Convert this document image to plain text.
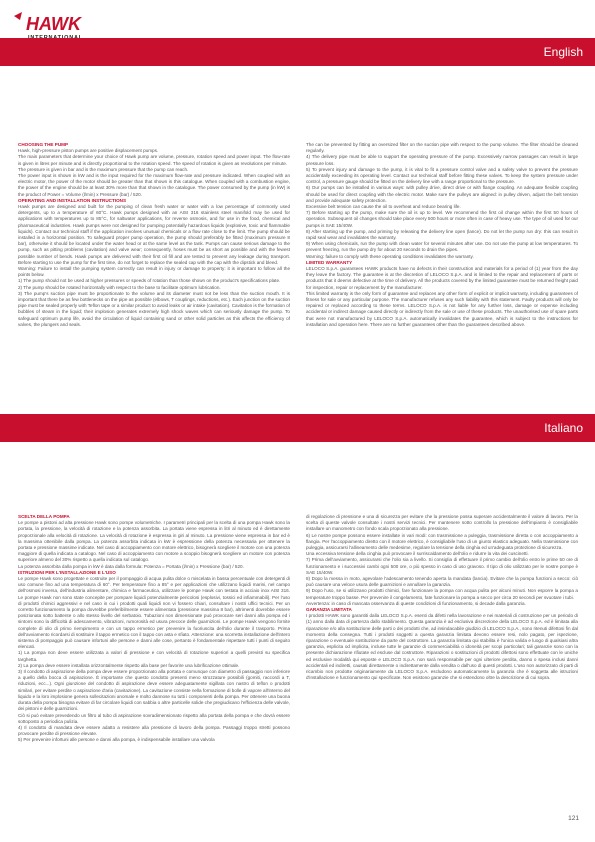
HAWK
English

CHOOSING THE PUMP

Hawk, high-pressure piston pumps are positive displacement pumps.

The main parameters that determine your choice of Hawk pump are volume, pressure, rotation speed and power input. The flow-rate is given in litres per minute and is directly proportional to the rotation speed. The speed of rotation is given as revolutions per minute.

The pressure is given in bar and is the maximum pressure that the pump can reach.

The power input is shown in kW and is the input required for the maximum flow-rate and pressure indicated. When coupled with an electric motor, the power of the motor should be greater than that shown in this catalogue. When coupled with a combustion engine, the power of the engine should be at least 30% more than that shown in the catalogue. The power consumed by the pump (in kW) is the product of Power = Volume (l/min) x Pressure (bar) / 520.

OPERATING AND INSTALLATION INSTRUCTIONS

Hawk pumps are designed and built for the pumping of clean fresh water or water with a low percentage of commonly used detergents, up to a temperature of 60°C. Hawk pumps designed with an AISI 316 stainless steel manifold may be used for applications with temperatures up to 85°C, for saltwater applications, for reverse osmosis, and for use in the food, chemical and pharmaceutical industries. Hawk pumps were not designed for pumping potentially hazardous liquids (explosive, toxic and flammable liquids). Contact our technical staff if the application involves unusual chemicals or a flow rate close to the limit. The pump should be installed in a horizontal position. To safeguard proper pump operation, the pump should preferably be fitted (maximum pressure 8 bar), otherwise it should be located under the water head or at the same level as the tank. Pumps can cause serious damage to the pump, such as pitting problems (cavitation) and valve wear; consequently, hoses must be as short as possible and with the fewest possible number of bends. Hawk pumps are delivered with their first oil fill and are tested to prevent any leakage during transport. Before starting to use the pump for the first time, do not forget to replace the sealed cap with the cap with the dipstick and bleed.

Warning: Failure to install the pumping system correctly can result in injury or damage to property: it is important to follow all the points below.

1) The pump should not be used at higher pressures or speeds of rotation than those shown on the product's specifications plate.

2) The pump should be rotated horizontally with respect to the base to facilitate optimum lubrication.

3) The pump's suction pipe must be proportionate to the volume and its diameter must not be less than the suction mouth. It is important that there be as few bottlenecks on the pipe as possible (elbows, T couplings, reductions, etc.). Each junction on the suction pipe must be sealed properly with Teflon tape or a similar product to avoid leaks or air intake (cavitation). Cavitation is the formation of bubbles of steam in the liquid; their implosion generates extremely high shock waves which can seriously damage the pump. To safeguard optimum pump life, avoid the circulation of liquid containing sand or other solid particles as this affects the efficiency of valves, the plungers and seals.

The can be prevented by fitting an oversized filter on the suction pipe with respect to the pump volume. The filter should be cleaned regularly.

4) The delivery pipe must be able to support the operating pressure of the pump. Excessively narrow passages can result in large pressure loss.

5) To prevent injury and damage to the pump, it is vital to fit a pressure control valve and a safety valve to prevent the pressure accidentally exceeding its operating level. Contact our technical staff before fitting these valves. To keep the system pressure under control, a pressure gauge should be fitted on the delivery line with a range proportional to the pressure.

6) Our pumps can be installed in various ways: with pulley drive, direct drive or with flange coupling. An adequate flexible coupling should be used for direct coupling with the electric motor. Make sure the pulleys are aligned: in pulley driven, adjust the belt tension and provide adequate safety protection.

Excessive belt tension can cause the oil to overheat and reduce bearing life.

7) Before starting up the pump, make sure the oil is up to level. We recommend the first oil change within the first 50 hours of operation. Subsequent oil changes should take place every 500 hours or more often in case of heavy use. The type of oil used for our pumps is SAE 15/40W.

8) After starting up the pump, and priming by releasing the delivery line open (lance). Do not let the pump run dry: this can result in rapid seal wear and invalidates the warranty.

9) When using chemicals, run the pump with clean water for several minutes after use. Do not use the pump at low temperatures. To prevent freezing, run the pump dry for about 20 seconds to drain the pipes.

Warning: failure to comply with these operating conditions invalidates the warranty.

LIMITED WARRANTY

LELOCO S.p.A. guarantees HAWK products have no defects in their construction and materials for a period of (1) year from the day they leave the factory. The guarantee is at the discretion of LELOCO S.p.A. and is limited to the repair and replacement of parts or products that it deems defective at the time of delivery. All the products covered by the limited guarantee must be returned freight paid for inspection, repair or replacement by the manufacturer.

This limited warranty is the only form of guarantee and replaces any other form of explicit or implicit warranty, including guarantees of fitness for sale or any particular purpose. The manufacturer refuses any such liability with this statement. Faulty products will only be repaired or replaced according to these terms. LELOCO S.p.A. is not liable for any further loss, damage or expense including accidental or indirect damage caused directly or indirectly from the sale or use of these products. The unauthorised use of spare parts that were not manufactured by LELOCO S.p.A. automatically invalidates the guarantee, which is subject to the instructions for installation and operation here. There are no further guarantees other than the guarantees described above.

Italiano

SCELTA DELLA POMPA

Le pompe a pistoni ad alta pressione Hawk sono pompe volumetriche. I parametri principali per la scelta di una pompa Hawk sono la portata, la pressione, la velocità di rotazione e la potenza assorbita. La portata viene espressa in litri al minuto ed è direttamente proporzionale alla velocità di rotazione. La velocità di rotazione è espressa in giri al minuto. La pressione viene espressa in bar ed è la massima ottenibile dalla pompa. La potenza assorbita indicata in kW è espressione della potenza necessaria per ottenere la portata e pressione massime indicate. Nel caso di accoppiamento con motore elettrico, bisognerà scegliere il motore con una potenza maggiore di quella indicata a catalogo. Nel caso di accoppiamento con motore a scoppio bisognerà scegliere un motore con potenza superiore almeno del 30% rispetto a quella indicata sul catalogo.

La potenza assorbita dalla pompa in kW è data dalla formula: Potenza = Portata (l/min) x Pressione (bar) / 520.

ISTRUZIONI PER L'INSTALLAZIONE E L'USO

Le pompe Hawk sono progettate e costruite per il pompaggio di acqua pulita dolce o miscelata in bassa percentuale con detergenti di uso comune fino ad una temperatura di 60°. Per temperature fino a 85° e per applicazioni che utilizzano liquidi marini, nel campo dell'osmosi inversa, dell'industria alimentare, chimica e farmaceutica, utilizzare le pompe Hawk con testata in acciaio inox AISI 316. Le pompe Hawk non sono state concepite per pompare liquidi potenzialmente pericolosi (esplosivi, tossici ed infiammabili). Per l'uso di prodotti chimici aggressivi e nel caso in cui i prodotti quali liquidi non vi fossero chiari, consultare i nostri uffici tecnici. Per un corretto funzionamento la pompa dovrebbe preferibilmente essere alimentata (pressione massima 8 bar), altrimenti dovrebbe essere posizionata sotto battente o allo stesso livello del serbatoio. Tubazioni non dimensionate può provocare seri danni alla pompa ed i sintomi sono la difficoltà di adescamento, vibrazioni, rumorosità ed usura precoce delle guarnizioni. Le pompe Hawk vengono fornite complete di olio di primo riempimento e con un tappo ermetico per prevenire la fuoriuscita dell'olio durante il trasporto. Prima dell'avviamento ricordarsi di sostituire il tappo ermetico con il tappo con asta e sfiato. Attenzione: una scorretta installazione dell'intero sistema di pompaggio può causare infortuni alle persone e danni alle cose, pertanto è fondamentale rispettare tutti i punti di seguito elencati.

1) La pompa non deve essere utilizzata a valori di pressione e con velocità di rotazione superiori a quelli previsti su specifica targhetta.

2) La pompa deve essere installata orizzontalmente rispetto alla base per favorire una lubrificazione ottimale.

3) Il condotto di aspirazione della pompa deve essere proporzionato alla portata e comunque con diametro di passaggio non inferiore a quello della bocca di aspirazione. È importante che questo condotto presenti meno strozzature possibili (gomiti, raccordi a T, riduzioni, ecc...). Ogni giunzione del condotto di aspirazione deve essere adeguatamente sigillata con nastro di teflon o prodotti similari, per evitare perdite o aspirazione d'aria (cavitazione). La cavitazione consiste nella formazione di bolle di vapore all'interno del liquido e la loro implosione genera sollecitazioni anomale e molto dannose su tutti i componenti della pompa. Per ottenere una buona durata della pompa bisogna evitare di far circolare liquidi con sabbia o altre particelle solide che pregiudicano l'efficienza delle valvole, dei pistoni e delle guarnizioni.

Ciò si può evitare prevedendo un filtro al tubo di aspirazione sovradimensionato rispetto alla portata della pompa e che dovrà essere sottoposto a periodica pulizia.

4) Il condotto di mandata deve essere adatto a resistere alla pressione di lavoro della pompa. Passaggi troppo stretti possono provocare perdite di pressione elevate.

5) Per prevenire infortuni alle persone e danni alla pompa, è indispensabile installare una valvola

di regolazione di pressione e una di sicurezza per evitare che la pressione possa superare accidentalmente il valore di lavoro. Per la scelta di queste valvole consultate i nostri servizi tecnici. Per mantenere sotto controllo la pressione dell'impianto è consigliabile installare un manometro con fondo scala proporzionato alla pressione.

6) Le nostre pompe possono essere installate in vari modi: con trasmissione a puleggia, trasmissione diretta o con accoppiamento a flangia. Per l'accoppiamento diretto con il motore elettrico, è consigliabile l'uso di un giunto elastico adeguato. Nella trasmissione con puleggia, assicurarsi l'allineamento delle medesime, regolare la tensione della cinghia ed un'adeguata protezione di sicurezza.

Una eccessiva tensione della cinghia può provocare il surriscaldamento dell'olio e ridurre la vita dei cuscinetti.

7) Prima dell'avviamento, assicurarsi che l'olio sia a livello. Si consiglia di effettuare il primo cambio dell'olio entro le prime 50 ore di funzionamento e i successivi cambi ogni 500 ore, o più spesso in caso di uso gravoso. Il tipo di olio utilizzato per le nostre pompe è SAE 15/40W.

8) Dopo la messa in moto, agevolare l'adescamento tenendo aperta la mandata (lancia). Evitare che la pompa funzioni a secco: ciò può causare una veloce usura delle guarnizioni e annullare la garanzia.

9) Dopo l'uso, se si utilizzano prodotti chimici, fare funzionare la pompa con acqua pulita per alcuni minuti. Non esporre la pompa a temperature troppo basse. Per prevenire il congelamento, fate funzionare la pompa a secco per circa 20 secondi per svuotare i tubi.

Avvertenza: in caso di mancata osservanza di queste condizioni di funzionamento, si decade dalla garanzia.

GARANZIA LIMITATA

I prodotti HAWK sono garantiti dalla LELOCO S.p.A. esenti da difetti nella lavorazione e nei materiali di costruzione per un periodo di (1) anno dalla data di partenza dallo stabilimento. Questa garanzia è ad esclusiva discrezione della LELOCO S.p.A. ed è limitata alla riparazione e/o alla sostituzione delle parti o dei prodotti che, ad insindacabile giudizio di LELOCO S.p.A., sono ritenuti difettosi fin dal momento della consegna. Tutti i prodotti soggetti a questa garanzia limitata devono essere resi, nolo pagato, per ispezione, riparazione o eventuale sostituzione da parte del costruttore. La garanzia limitata qui stabilita è l'unica valida e luogo di qualsiasi altra garanzia, esplicita od implicita, incluse tutte le garanzie di commerciabilità o idoneità per scopi particolari; tali garanzie sono con la presente dichiarazione rifiutate ed escluse dal costruttore. Riparazioni o sostituzioni di prodotti difettosi sono effettuate con le uniche ed esclusive modalità qui esposte e LELOCO S.p.A. non sarà responsabile per ogni ulteriore perdita, danno o spesa inclusi danni accidentali ed indiretti, causati direttamente o indirettamente dalla vendita o dall'uso di questi prodotti. L'uso non autorizzato di parti di ricambio non prodotte originariamente da LELOCO S.p.A. escludono automaticamente la garanzia che è soggetta alle istruzioni d'installazione e funzionamento qui specificate. Non esistono garanzie che si estendono oltre la descrizione di cui sopra.

121
